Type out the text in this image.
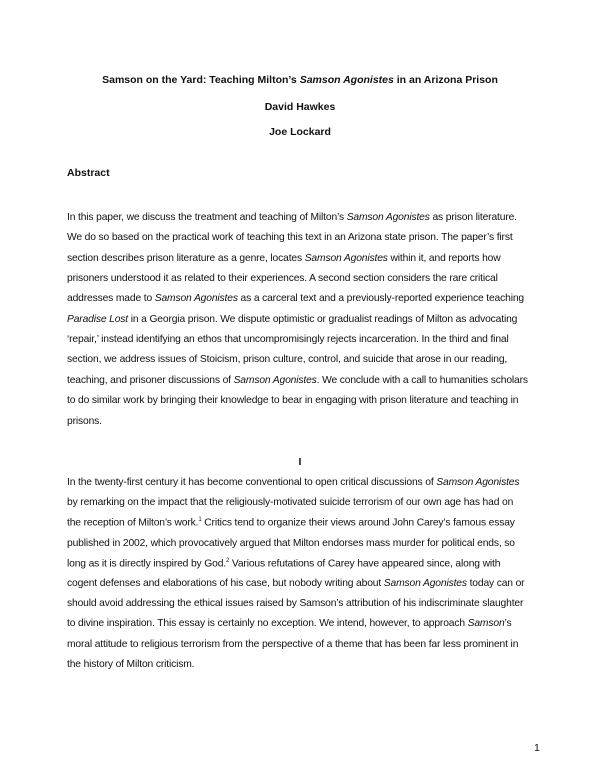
Samson on the Yard: Teaching Milton’s Samson Agonistes in an Arizona Prison
David Hawkes
Joe Lockard
Abstract
In this paper, we discuss the treatment and teaching of Milton’s Samson Agonistes as prison literature.
We do so based on the practical work of teaching this text in an Arizona state prison. The paper’s first
section describes prison literature as a genre, locates Samson Agonistes within it, and reports how
prisoners understood it as related to their experiences. A second section considers the rare critical
addresses made to Samson Agonistes as a carceral text and a previously-reported experience teaching
Paradise Lost in a Georgia prison. We dispute optimistic or gradualist readings of Milton as advocating
‘repair,’ instead identifying an ethos that uncompromisingly rejects incarceration. In the third and final
section, we address issues of Stoicism, prison culture, control, and suicide that arose in our reading,
teaching, and prisoner discussions of Samson Agonistes. We conclude with a call to humanities scholars
to do similar work by bringing their knowledge to bear in engaging with prison literature and teaching in
prisons.
I
In the twenty-first century it has become conventional to open critical discussions of Samson Agonistes
by remarking on the impact that the religiously-motivated suicide terrorism of our own age has had on
the reception of Milton’s work.$^1$ Critics tend to organize their views around John Carey’s famous essay
published in 2002, which provocatively argued that Milton endorses mass murder for political ends, so
long as it is directly inspired by God.$^2$ Various refutations of Carey have appeared since, along with
cogent defenses and elaborations of his case, but nobody writing about Samson Agonistes today can or
should avoid addressing the ethical issues raised by Samson’s attribution of his indiscriminate slaughter
to divine inspiration. This essay is certainly no exception. We intend, however, to approach Samson’s
moral attitude to religious terrorism from the perspective of a theme that has been far less prominent in
the history of Milton criticism.
1
